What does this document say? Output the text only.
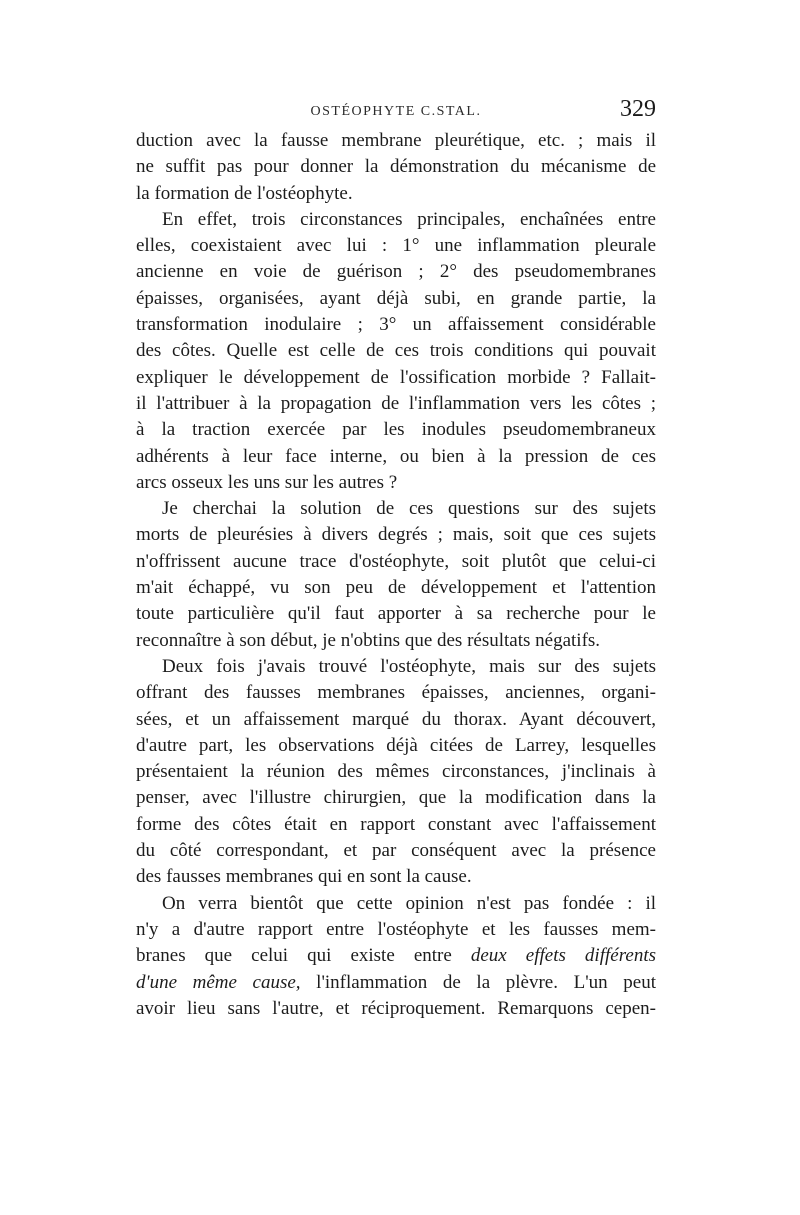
OSTÉOPHYTE C.STAL.	329
duction avec la fausse membrane pleurétique, etc. ; mais il
ne suffit pas pour donner la démonstration du mécanisme de
la formation de l'ostéophyte.
En effet, trois circonstances principales, enchaînées entre
elles, coexistaient avec lui : 1° une inflammation pleurale
ancienne en voie de guérison ; 2° des pseudomembranes
épaisses, organisées, ayant déjà subi, en grande partie, la
transformation inodulaire ; 3° un affaissement considérable
des côtes. Quelle est celle de ces trois conditions qui pouvait
expliquer le développement de l'ossification morbide ? Fallait-
il l'attribuer à la propagation de l'inflammation vers les côtes ;
à la traction exercée par les inodules pseudomembraneux
adhérents à leur face interne, ou bien à la pression de ces
arcs osseux les uns sur les autres ?
Je cherchai la solution de ces questions sur des sujets
morts de pleurésies à divers degrés ; mais, soit que ces sujets
n'offrissent aucune trace d'ostéophyte, soit plutôt que celui-ci
m'ait échappé, vu son peu de développement et l'attention
toute particulière qu'il faut apporter à sa recherche pour le
reconnaître à son début, je n'obtins que des résultats négatifs.
Deux fois j'avais trouvé l'ostéophyte, mais sur des sujets
offrant des fausses membranes épaisses, anciennes, organi-
sées, et un affaissement marqué du thorax. Ayant découvert,
d'autre part, les observations déjà citées de Larrey, lesquelles
présentaient la réunion des mêmes circonstances, j'inclinais à
penser, avec l'illustre chirurgien, que la modification dans la
forme des côtes était en rapport constant avec l'affaissement
du côté correspondant, et par conséquent avec la présence
des fausses membranes qui en sont la cause.
On verra bientôt que cette opinion n'est pas fondée : il
n'y a d'autre rapport entre l'ostéophyte et les fausses mem-
branes que celui qui existe entre deux effets différents
d'une même cause, l'inflammation de la plèvre. L'un peut
avoir lieu sans l'autre, et réciproquement. Remarquons cepen-
